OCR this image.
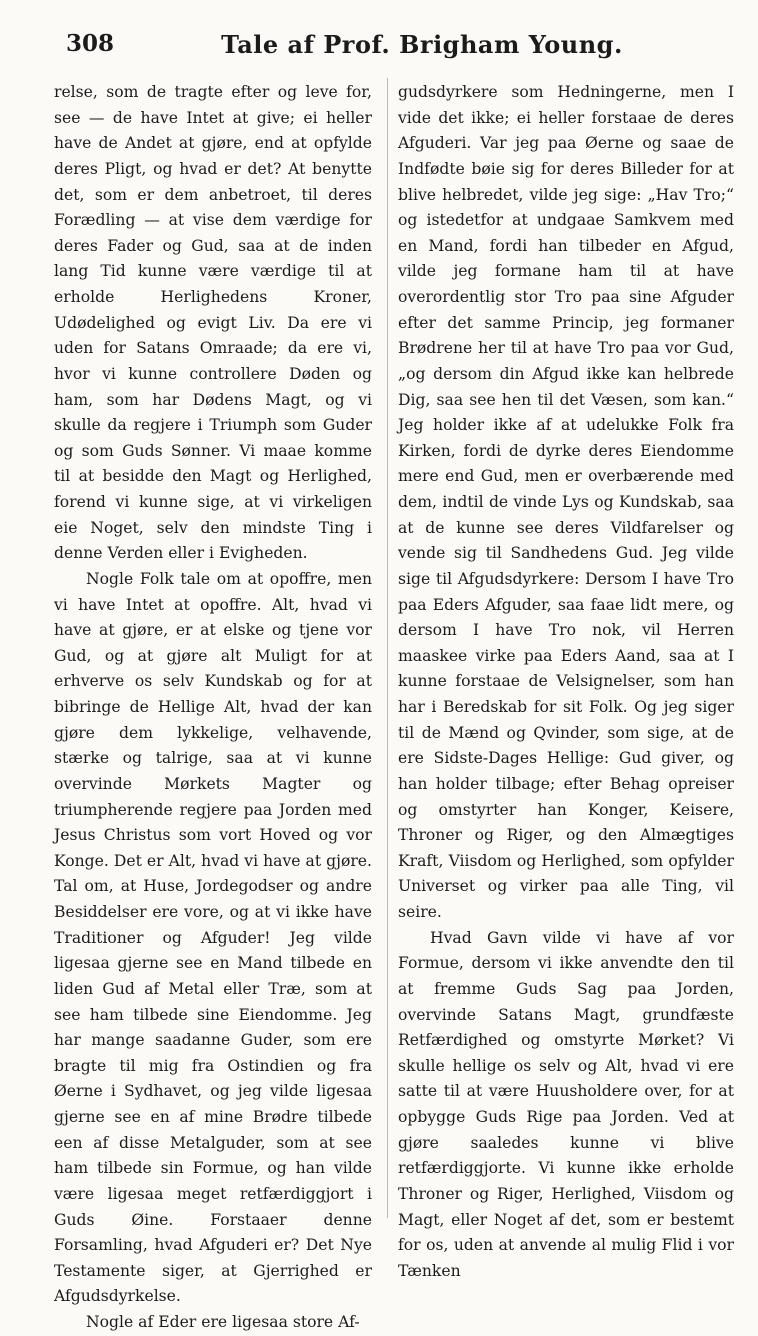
308	Tale af Prof. Brigham Young.

relse, som de tragte efter og leve for, see — de have Intet at give; ei heller have de Andet at gjøre, end at opfylde deres Pligt, og hvad er det? At benytte det, som er dem anbetroet, til deres Forædling — at vise dem værdige for deres Fader og Gud, saa at de inden lang Tid kunne være værdige til at erholde Herlighedens Kroner, Udødelighed og evigt Liv. Da ere vi uden for Satans Omraade; da ere vi, hvor vi kunne controllere Døden og ham, som har Dødens Magt, og vi skulle da regjere i Triumph som Guder og som Guds Sønner. Vi maae komme til at besidde den Magt og Herlighed, forend vi kunne sige, at vi virkeligen eie Noget, selv den mindste Ting i denne Verden eller i Evigheden.

Nogle Folk tale om at opoffre, men vi have Intet at opoffre. Alt, hvad vi have at gjøre, er at elske og tjene vor Gud, og at gjøre alt Muligt for at erhverve os selv Kundskab og for at bibringe de Hellige Alt, hvad der kan gjøre dem lykkelige, velhavende, stærke og talrige, saa at vi kunne overvinde Mørkets Magter og triumpherende regjere paa Jorden med Jesus Christus som vort Hoved og vor Konge. Det er Alt, hvad vi have at gjøre. Tal om, at Huse, Jordegodser og andre Besiddelser ere vore, og at vi ikke have Traditioner og Afguder! Jeg vilde ligesaa gjerne see en Mand tilbede en liden Gud af Metal eller Træ, som at see ham tilbede sine Eiendomme. Jeg har mange saadanne Guder, som ere bragte til mig fra Ostindien og fra Øerne i Sydhavet, og jeg vilde ligesaa gjerne see en af mine Brødre tilbede een af disse Metalguder, som at see ham tilbede sin Formue, og han vilde være ligesaa meget retfærdiggjort i Guds Øine. Forstaaer denne Forsamling, hvad Afguderi er? Det Nye Testamente siger, at Gjerrighed er Afgudsdyrkelse.

Nogle af Eder ere ligesaa store Af-

gudsdyrkere som Hedningerne, men I vide det ikke; ei heller forstaae de deres Afguderi. Var jeg paa Øerne og saae de Indfødte bøie sig for deres Billeder for at blive helbredet, vilde jeg sige: „Hav Tro;“ og istedetfor at undgaae Samkvem med en Mand, fordi han tilbeder en Afgud, vilde jeg formane ham til at have overordentlig stor Tro paa sine Afguder efter det samme Princip, jeg formaner Brødrene her til at have Tro paa vor Gud, „og dersom din Afgud ikke kan helbrede Dig, saa see hen til det Væsen, som kan.“ Jeg holder ikke af at udelukke Folk fra Kirken, fordi de dyrke deres Eiendomme mere end Gud, men er overbærende med dem, indtil de vinde Lys og Kundskab, saa at de kunne see deres Vildfarelser og vende sig til Sandhedens Gud. Jeg vilde sige til Afgudsdyrkere: Dersom I have Tro paa Eders Afguder, saa faae lidt mere, og dersom I have Tro nok, vil Herren maaskee virke paa Eders Aand, saa at I kunne forstaae de Velsignelser, som han har i Beredskab for sit Folk. Og jeg siger til de Mænd og Qvinder, som sige, at de ere Sidste-Dages Hellige: Gud giver, og han holder tilbage; efter Behag opreiser og omstyrter han Konger, Keisere, Throner og Riger, og den Almægtiges Kraft, Viisdom og Herlighed, som opfylder Universet og virker paa alle Ting, vil seire.

Hvad Gavn vilde vi have af vor Formue, dersom vi ikke anvendte den til at fremme Guds Sag paa Jorden, overvinde Satans Magt, grundfæste Retfærdighed og omstyrte Mørket? Vi skulle hellige os selv og Alt, hvad vi ere satte til at være Huusholdere over, for at opbygge Guds Rige paa Jorden. Ved at gjøre saaledes kunne vi blive retfærdiggjorte. Vi kunne ikke erholde Throner og Riger, Herlighed, Viisdom og Magt, eller Noget af det, som er bestemt for os, uden at anvende al mulig Flid i vor Tænken
